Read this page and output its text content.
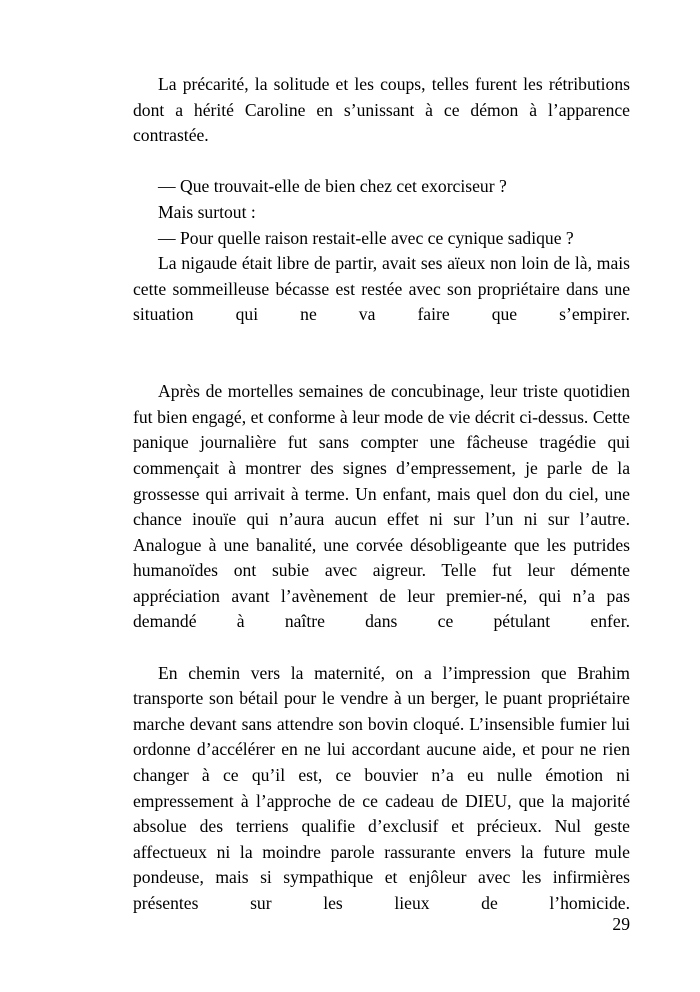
La précarité, la solitude et les coups, telles furent les rétributions dont a hérité Caroline en s’unissant à ce démon à l’apparence contrastée.

— Que trouvait-elle de bien chez cet exorciseur ?

Mais surtout :

— Pour quelle raison restait-elle avec ce cynique sadique ?

La nigaude était libre de partir, avait ses aïeux non loin de là, mais cette sommeilleuse bécasse est restée avec son propriétaire dans une situation qui ne va faire que s’empirer.

Après de mortelles semaines de concubinage, leur triste quotidien fut bien engagé, et conforme à leur mode de vie décrit ci-dessus. Cette panique journalière fut sans compter une fâcheuse tragédie qui commençait à montrer des signes d’empressement, je parle de la grossesse qui arrivait à terme. Un enfant, mais quel don du ciel, une chance inouïe qui n’aura aucun effet ni sur l’un ni sur l’autre. Analogue à une banalité, une corvée désobligeante que les putrides humanoïdes ont subie avec aigreur. Telle fut leur démente appréciation avant l’avènement de leur premier-né, qui n’a pas demandé à naître dans ce pétulant enfer.

En chemin vers la maternité, on a l’impression que Brahim transporte son bétail pour le vendre à un berger, le puant propriétaire marche devant sans attendre son bovin cloqué. L’insensible fumier lui ordonne d’accélérer en ne lui accordant aucune aide, et pour ne rien changer à ce qu’il est, ce bouvier n’a eu nulle émotion ni empressement à l’approche de ce cadeau de DIEU, que la majorité absolue des terriens qualifie d’exclusif et précieux. Nul geste affectueux ni la moindre parole rassurante envers la future mule pondeuse, mais si sympathique et enjôleur avec les infirmières présentes sur les lieux de l’homicide.

29
